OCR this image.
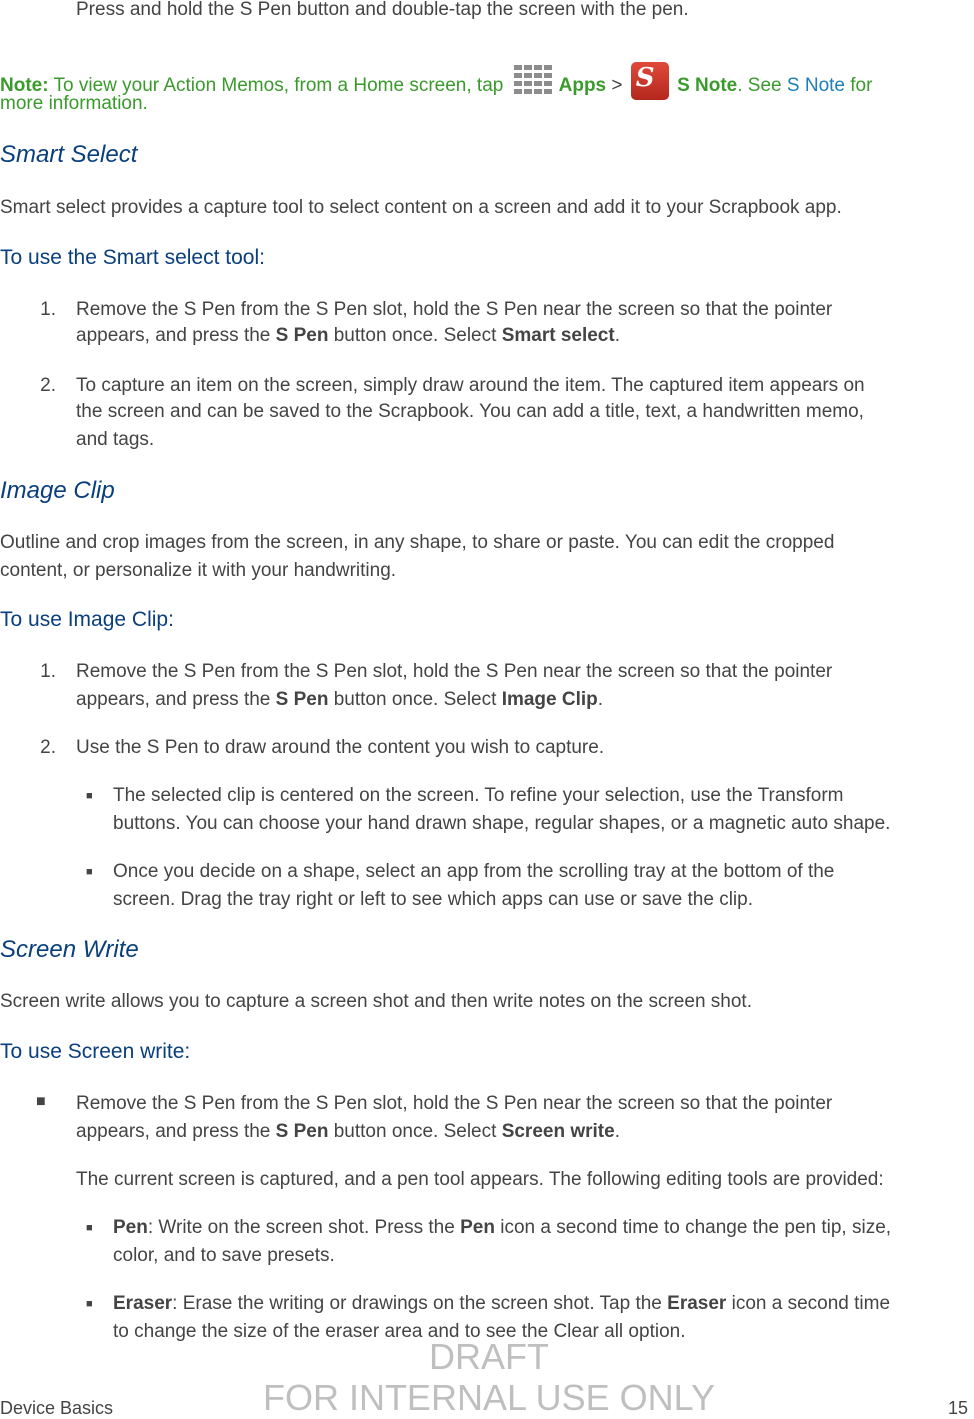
Press and hold the S Pen button and double-tap the screen with the pen.
Note: To view your Action Memos, from a Home screen, tap	Apps > S S Note. See S Note for
more information.
Smart Select
Smart select provides a capture tool to select content on a screen and add it to your Scrapbook app.
To use the Smart select tool:
1. Remove the S Pen from the S Pen slot, hold the S Pen near the screen so that the pointer
appears, and press the S Pen button once. Select Smart select.
2. To capture an item on the screen, simply draw around the item. The captured item appears on
the screen and can be saved to the Scrapbook. You can add a title, text, a handwritten memo,
and tags.
Image Clip
Outline and crop images from the screen, in any shape, to share or paste. You can edit the cropped
content, or personalize it with your handwriting.
To use Image Clip:
1. Remove the S Pen from the S Pen slot, hold the S Pen near the screen so that the pointer
appears, and press the S Pen button once. Select Image Clip.
2. Use the S Pen to draw around the content you wish to capture.
■ The selected clip is centered on the screen. To refine your selection, use the Transform
buttons. You can choose your hand drawn shape, regular shapes, or a magnetic auto shape.
■ Once you decide on a shape, select an app from the scrolling tray at the bottom of the
screen. Drag the tray right or left to see which apps can use or save the clip.
Screen Write
Screen write allows you to capture a screen shot and then write notes on the screen shot.
To use Screen write:
■ Remove the S Pen from the S Pen slot, hold the S Pen near the screen so that the pointer
appears, and press the S Pen button once. Select Screen write.
The current screen is captured, and a pen tool appears. The following editing tools are provided:
■ Pen: Write on the screen shot. Press the Pen icon a second time to change the pen tip, size,
color, and to save presets.
■ Eraser: Erase the writing or drawings on the screen shot. Tap the Eraser icon a second time
to change the size of the eraser area and to see the Clear all option.
DRAFT
FOR INTERNAL USE ONLY
Device Basics	15
